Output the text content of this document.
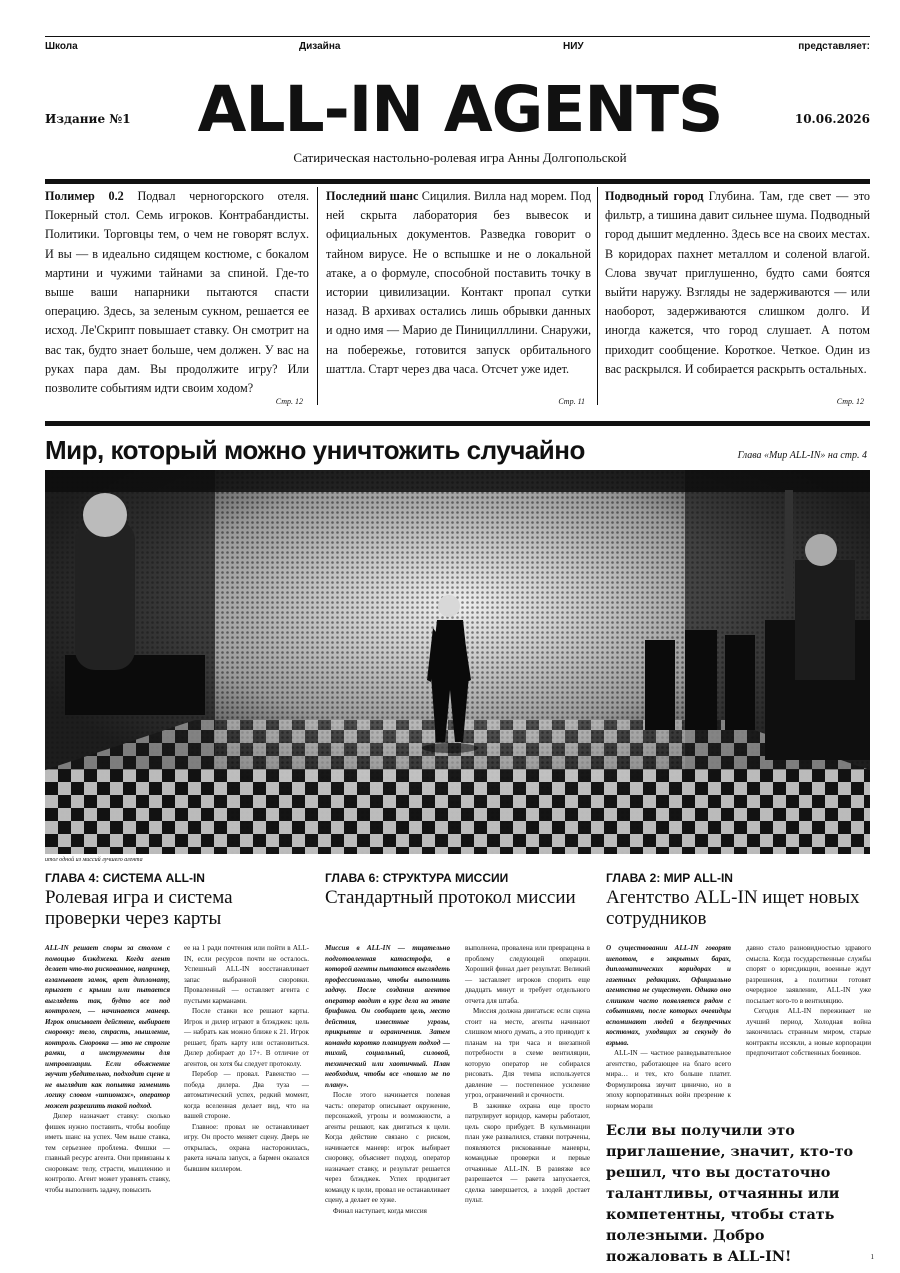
Школа	Дизайна	НИУ	представляет:
Издание №1 ALL-IN AGENTS	10.06.2026
Сатирическая настольно-ролевая игра Анны Долгопольской
Полимер 0.2 Подвал черногорского отеля. Покерный стол. Семь игроков. Контрабандисты. Политики. Торговцы тем, о чем не говорят вслух. И вы — в идеально сидящем костюме, с бокалом мартини и чужими тайнами за спиной. Где-то выше ваши напарники пытаются спасти операцию. Здесь, за зеленым сукном, решается ее исход. Ле'Скрипт повышает ставку. Он смотрит на вас так, будто знает больше, чем должен. У вас на руках пара дам. Вы продолжите игру? Или позволите событиям идти своим ходом?
Стр. 12
Последний шанс Сицилия. Вилла над морем. Под ней скрыта лаборатория без вывесок и официальных документов. Разведка говорит о тайном вирусе. Не о вспышке и не о локальной атаке, а о формуле, способной поставить точку в истории цивилизации. Контакт пропал сутки назад. В архивах остались лишь обрывки данных и одно имя — Марио де Пиницилллини. Снаружи, на побережье, готовится запуск орбитального шаттла. Старт через два часа. Отсчет уже идет.
Стр. 11
Подводный город Глубина. Там, где свет — это фильтр, а тишина давит сильнее шума. Подводный город дышит медленно. Здесь все на своих местах. В коридорах пахнет металлом и соленой влагой. Слова звучат приглушенно, будто сами боятся выйти наружу. Взгляды не задерживаются — или наоборот, задерживаются слишком долго. И иногда кажется, что город слушает. А потом приходит сообщение. Короткое. Четкое. Один из вас раскрылся. И собирается раскрыть остальных.
Стр. 12
Мир, который можно уничтожить случайно	Глава «Мир ALL-IN» на стр. 4
итог одной из миссий лучшего агента
ГЛАВА 4: СИСТЕМА ALL-IN
Ролевая игра и система проверки через карты

ALL-IN решает споры за столом с помощью блэкджека. Когда агент делает что-то рискованное, например, взламывает замок, врет дипломату, прыгает с крыши или пытается выглядеть так, будто все под контролем, — начинается маневр. Игрок описывает действие, выбирает сноровку: тело, страсть, мышление, контроль. Сноровка — это не строгие рамки, а инструменты для импровизации. Если объяснение звучит убедительно, подходит сцене и не выглядит как попытка заменить логику словом «шпионаж», оператор может разрешить такой подход.

Дилер назначает ставку: сколько фишек нужно поставить, чтобы вообще иметь шанс на успех. Чем выше ставка, тем серьезнее проблема. Фишки — главный ресурс агента. Они привязаны к сноровкам: телу, страсти, мышлению и контролю. Агент может уравнять ставку, чтобы выполнить задачу, повысить

ее на 1 ради почтения или пойти в ALL-IN, если ресурсов почти не осталось. Успешный ALL-IN восстанавливает запас выбранной сноровки. Проваленный — оставляет агента с пустыми карманами.

После ставки все решают карты. Игрок и дилер играют в блэкджек: цель — набрать как можно ближе к 21. Игрок решает, брать карту или остановиться. Дилер добирает до 17+. В отличие от агентов, он хотя бы следует протоколу.

Перебор — провал. Равенство — победа дилера. Два туза — автоматический успех, редкий момент, когда вселенная делает вид, что на вашей стороне.

Главное: провал не останавливает игру. Он просто меняет сцену. Дверь не открылась, охрана насторожилась, ракета начала запуск, а бармен оказался бывшим киллером.

ГЛАВА 6: СТРУКТУРА МИССИИ
Стандартный протокол миссии

Миссия в ALL-IN — тщательно подготовленная катастрофа, в которой агенты пытаются выглядеть профессионально, чтобы выполнить задачу. После создания агентов оператор вводит в курс дела на этапе брифинга. Он сообщает цель, место действия, известные угрозы, прикрытие и ограничения. Затем команда коротко планирует подход — тихий, социальный, силовой, технический или хаотичный. План необходим, чтобы все «пошло не по плану».

После этого начинается полевая часть: оператор описывает окружение, персонажей, угрозы и возможности, а агенты решают, как двигаться к цели. Когда действие связано с риском, начинается маневр: игрок выбирает сноровку, объясняет подход, оператор назначает ставку, и результат решается через блэкджек. Успех продвигает команду к цели, провал не останавливает сцену, а делает ее хуже.

Финал наступает, когда миссия

выполнена, провалена или превращена в проблему следующей операции. Хороший финал дает результат. Великий — заставляет игроков спорить еще двадцать минут и требует отдельного отчета для штаба.

Миссия должна двигаться: если сцена стоит на месте, агенты начинают слишком много думать, а это приводит к планам на три часа и внезапной потребности в схеме вентиляции, которую оператор не собирался рисовать. Для темпа используется давление — постепенное усиление угроз, ограничений и срочности.

В заживке охрана еще просто патрулирует коридор, камеры работают, цель скоро прибудет. В кульминации план уже развалился, ставки потрачены, появляются рискованные маневры, командные проверки и первые отчаянные ALL-IN. В развязке все разрешается — ракета запускается, сделка завершается, а злодей достает пульт.

ГЛАВА 2: МИР ALL-IN
Агентство ALL-IN ищет новых сотрудников

О существовании ALL-IN говорят шепотом, в закрытых барах, дипломатических коридорах и газетных редакциях. Официально агентства не существует. Однако оно слишком часто появляется рядом с событиями, после которых очевидцы вспоминают людей в безупречных костюмах, уходящих за секунду до взрыва.

ALL-IN — частное разведывательное агентство, работающее на благо всего мира… и тех, кто больше платит. Формулировка звучит цинично, но в эпоху корпоративных войн презрение к нормам морали

давно стало разновидностью здравого смысла. Когда государственные службы спорят о юрисдикции, военные ждут разрешения, а политики готовят очередное заявление, ALL-IN уже посылает кого-то в вентиляцию.

Сегодня ALL-IN переживает не лучший период. Холодная война закончилась странным миром, старые контракты иссякли, а новые корпорации предпочитают собственных боевиков.

Если вы получили это приглашение, значит, кто-то решил, что вы достаточно талантливы, отчаянны или компетентны, чтобы стать полезными. Добро пожаловать в ALL-IN!	1
